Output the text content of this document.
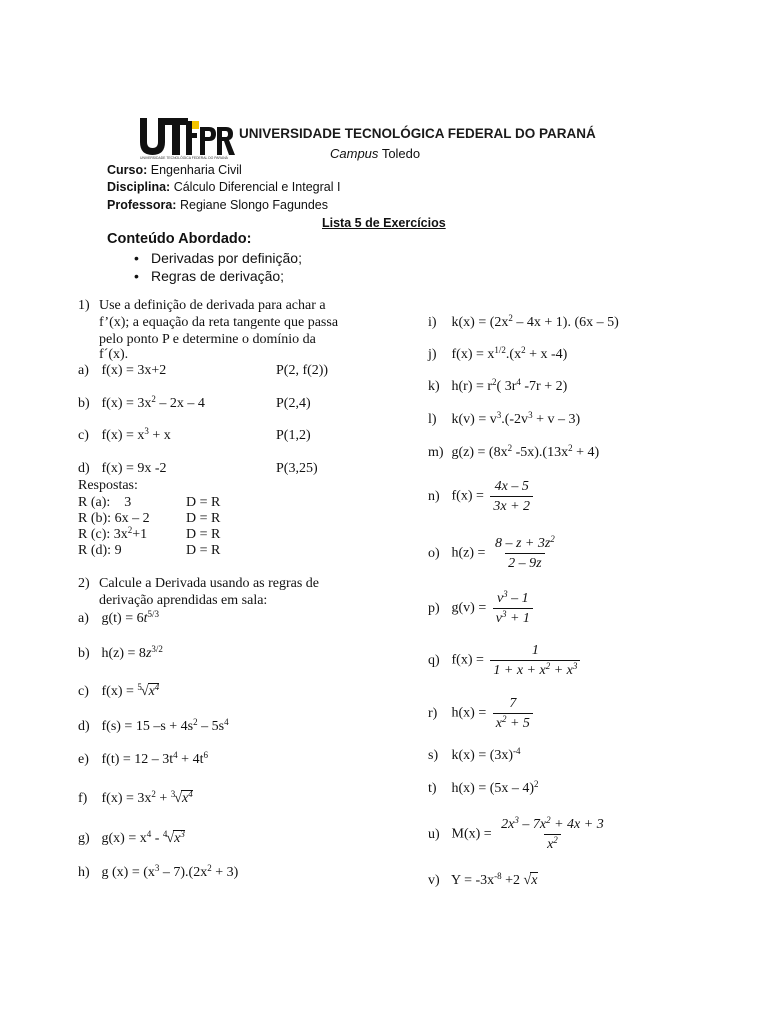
UNIVERSIDADE TECNOLÓGICA FEDERAL DO PARANÁ
UNIVERSIDADE TECNOLÓGICA FEDERAL DO PARANÁ
Campus Toledo
Curso: Engenharia Civil
Disciplina: Cálculo Diferencial e Integral I
Professora: Regiane Slongo Fagundes
Lista 5 de Exercícios
Conteúdo Abordado:
• Derivadas por definição;
• Regras de derivação;
1) Use a definição de derivada para achar a
f’(x); a equação da reta tangente que passa
pelo ponto P e determine o domínio da
f´(x).
a) f(x) = 3x+2	P(2, f(2))
b) $f(x) = 3x^2 - 2x - 4$	P(2,4)
c) $f(x) = x^3 + x$	P(1,2)
d) f(x) = 9x -2	P(3,25)
Respostas:
R (a): 3	D = R
R (b): 6x – 2	D = R
R (c): $3x^2+1$	D = R
R (d): 9	D = R
2) Calcule a Derivada usando as regras de
derivação aprendidas em sala:
a) g(t) = 6t$^{5/3}$
b) h(z) = 8z$^{3/2}$
c) f(x) = $^5$√x$^4$
d) f(s) = 15 $-s + 4s^2 - 5s^4$
e) $f(t) = 12 - 3t^4 + 4t^6$
f) $f(x) = 3x^2 + ^3√x^4$
g) $g(x) = x^4 - ^4√x^3$
h) g $(x) = (x^3 - 7).(2x^2 + 3)$
i) $k(x) = (2x^2 - 4x + 1)$. (6x – 5)
j) $f(x) = x^{1/2}.(x^2 + x$ -4)
k) $h(r) = r^2$( $3r^4$ -7r + 2)
l) $k(v) = v^3.(-2v^3 + v - 3)$
m) $g(z) = (8x^2$ $-5x).(13x^2 + 4)$
n) $f(x) = \frac{4x - 5}{3x + 2}$
o) $h(z) = \frac{8 - z + 3z^2}{2 - 9z}$
p) $g(v) = \frac{v^3 - 1}{v^3 + 1}$
q) $f(x) = \frac{1}{1 + x + x^2 + x^3}$
r) $h(x) = \frac{7}{x^2 + 5}$
s) $k(x) = (3x)^{-4}$
t) h(x) = (5x – 4)$^2$
u) $M(x) = \frac{2x^3 - 7x^2 + 4x + 3}{x^2}$
v) $Y = -3x^{-8} +2$ √x
